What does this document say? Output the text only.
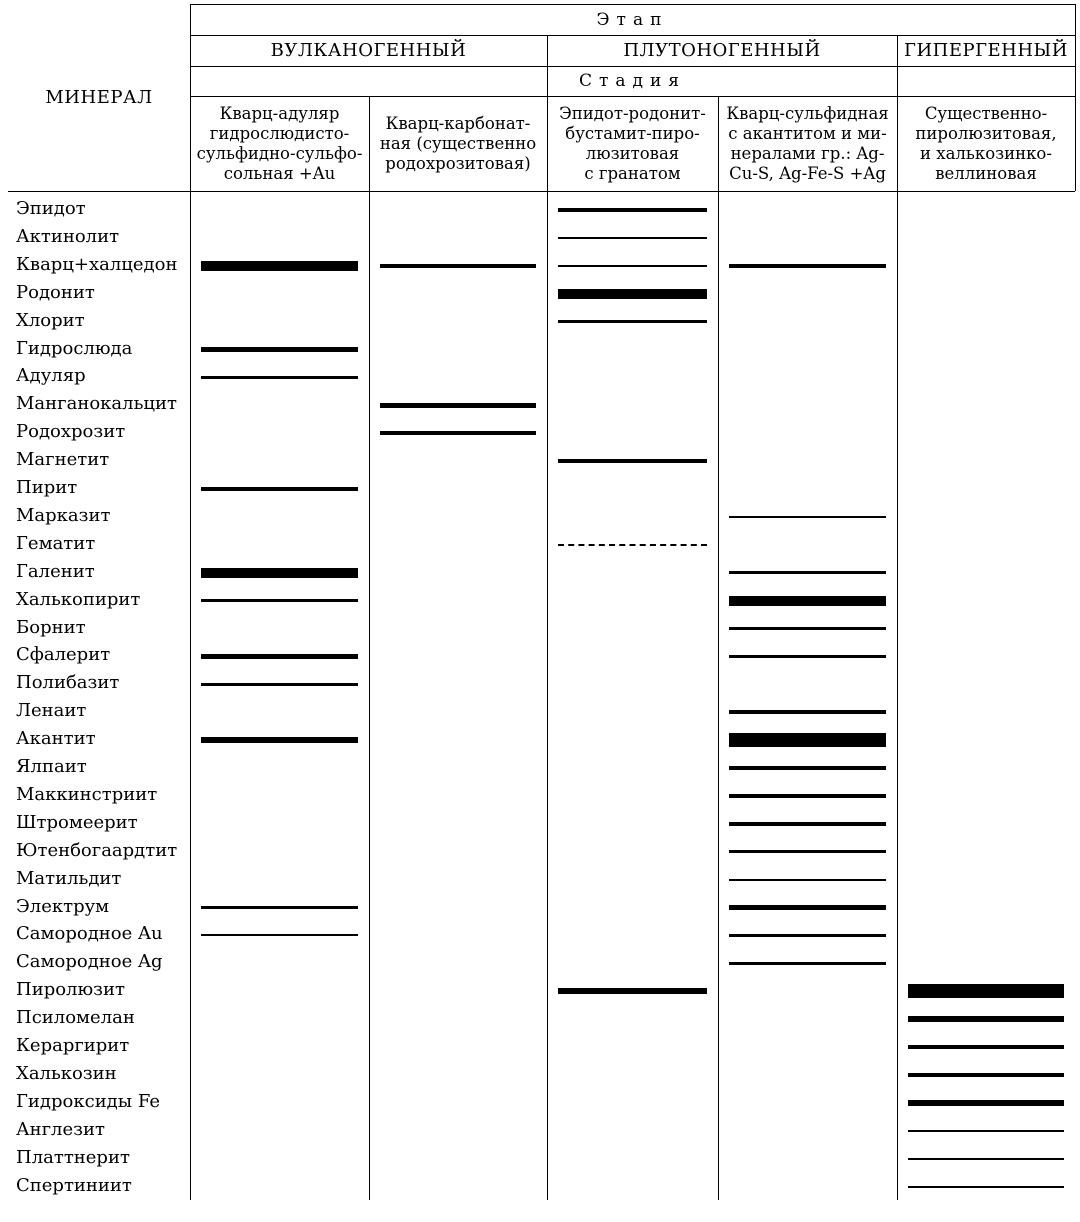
МИНЕРАЛ
Этап
ВУЛКАНОГЕННЫЙ	ПЛУТОНОГЕННЫЙ	ГИПЕРГЕННЫЙ
Стадия
Кварц-адуляр
гидрослюдисто-
сульфидно-сульфо-
сольная +Au
Кварц-карбонат-
ная (существенно
родохрозитовая)
Эпидот-родонит-
бустамит-пиро-
люзитовая
с гранатом
Кварц-сульфидная
с акантитом и ми-
нералами гр.: Ag-
Cu-S, Ag-Fe-S +Ag
Существенно-
пиролюзитовая,
и халькозинко-
веллиновая
Эпидот
Актинолит
Кварц+халцедон
Родонит
Хлорит
Гидрослюда
Адуляр
Манганокальцит
Родохрозит
Магнетит
Пирит
Марказит
Гематит
Галенит
Халькопирит
Борнит
Сфалерит
Полибазит
Ленаит
Акантит
Ялпаит
Маккинстриит
Штромеерит
Ютенбогаардтит
Матильдит
Электрум
Самородное Au
Самородное Ag
Пиролюзит
Псиломелан
Кераргирит
Халькозин
Гидроксиды Fe
Англезит
Платтнерит
Спертиниит
